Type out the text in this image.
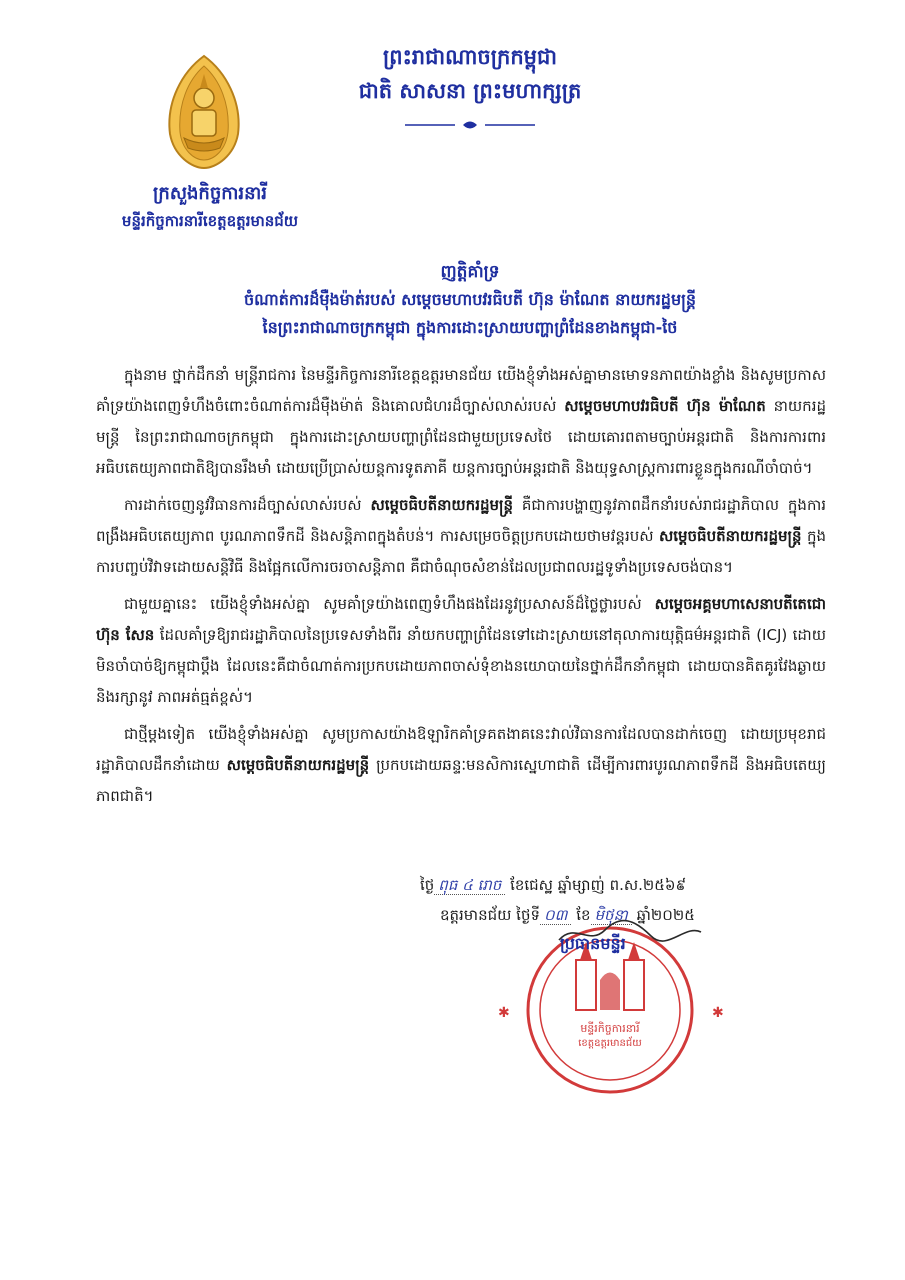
ព្រះរាជាណាចក្រកម្ពុជា
ជាតិ សាសនា ព្រះមហាក្សត្រ
ក្រសួងកិច្ចការនារី
មន្ទីរកិច្ចការនារីខេត្តឧត្តរមានជ័យ
ញត្តិគាំទ្រ
ចំណាត់ការដ៏ម៉ឺងម៉ាត់របស់ សម្តេចមហាបវរធិបតី ហ៊ុន ម៉ាណែត នាយករដ្ឋមន្ត្រី
នៃព្រះរាជាណាចក្រកម្ពុជា ក្នុងការដោះស្រាយបញ្ហាព្រំដែនខាងកម្ពុជា-ថៃ

ក្នុងនាម ថ្នាក់ដឹកនាំ មន្ត្រីរាជការ នៃមន្ទីរកិច្ចការនារីខេត្តឧត្តរមានជ័យ យើងខ្ញុំទាំងអស់គ្នាមានមោទនភាពយ៉ាងខ្លាំង និងសូមប្រកាសគាំទ្រយ៉ាងពេញទំហឹងចំពោះចំណាត់ការដ៏ម៉ឺងម៉ាត់ និងគោលជំហរដ៏ច្បាស់លាស់របស់ សម្តេចមហាបវរធិបតី ហ៊ុន ម៉ាណែត នាយករដ្ឋមន្ត្រី នៃព្រះរាជាណាចក្រកម្ពុជា ក្នុងការដោះស្រាយបញ្ហាព្រំដែនជាមួយប្រទេសថៃ ដោយគោរពតាមច្បាប់អន្តរជាតិ និងការការពារអធិបតេយ្យភាពជាតិឱ្យបានរឹងមាំ ដោយប្រើប្រាស់យន្តការទូតភាគី យន្តការច្បាប់អន្តរជាតិ និងយុទ្ធសាស្ត្រការពារខ្លួនក្នុងករណីចាំបាច់។

ការដាក់ចេញនូវវិធានការដ៏ច្បាស់លាស់របស់ សម្តេចធិបតីនាយករដ្ឋមន្ត្រី គឺជាការបង្ហាញនូវភាពដឹកនាំរបស់រាជរដ្ឋាភិបាល ក្នុងការពង្រឹងអធិបតេយ្យភាព បូរណភាពទឹកដី និងសន្តិភាពក្នុងតំបន់។ ការសម្រេចចិត្តប្រកបដោយថាមវន្តរបស់ សម្តេចធិបតីនាយករដ្ឋមន្ត្រី ក្នុងការបញ្ចប់វិវាទដោយសន្តិវិធី និងផ្អែកលើការចរចាសន្តិភាព គឺជាចំណុចសំខាន់ដែលប្រជាពលរដ្ឋទូទាំងប្រទេសចង់បាន។

ជាមួយគ្នានេះ យើងខ្ញុំទាំងអស់គ្នា សូមគាំទ្រយ៉ាងពេញទំហឹងផងដែរនូវប្រសាសន៍ដ៏ថ្លៃថ្លារបស់ សម្តេចអគ្គមហាសេនាបតីតេជោ ហ៊ុន សែន ដែលគាំទ្រឱ្យរាជរដ្ឋាភិបាលនៃប្រទេសទាំងពីរ នាំយកបញ្ហាព្រំដែនទៅដោះស្រាយនៅតុលាការយុត្តិធម៌អន្តរជាតិ (ICJ) ដោយមិនចាំបាច់ឱ្យកម្ពុជាប្ដឹង ដែលនេះគឺជាចំណាត់ការប្រកបដោយភាពចាស់ទុំខាងនយោបាយនៃថ្នាក់ដឹកនាំកម្ពុជា ដោយបានគិតគូរវែងឆ្ងាយ និងរក្សានូវ ភាពអត់ធ្មត់ខ្ពស់។

ជាថ្មីម្តងទៀត យើងខ្ញុំទាំងអស់គ្នា សូមប្រកាសយ៉ាងឱឡារិកគាំទ្រគតងាគនេះវាល់វិធានការដែលបានដាក់ចេញ ដោយប្រមុខរាជរដ្ឋាភិបាលដឹកនាំដោយ សម្តេចធិបតីនាយករដ្ឋមន្ត្រី ប្រកបដោយឆន្ទៈមនសិការស្នេហាជាតិ ដើម្បីការពារបូរណភាពទឹកដី និងអធិបតេយ្យភាពជាតិ។

ថ្ងៃ ពុធ ៤ រោច ខែជេស្ឋ ឆ្នាំម្សាញ់ ព.ស.២៥៦៩
ឧត្តរមានជ័យ ថ្ងៃទី ០៣ ខែ មិថុនា ឆ្នាំ២០២៥
មន្ទីរកិច្ចការនារី
ខេត្តឧត្តរមានជ័យ
✱	✱
ប្រធានមន្ទីរ
